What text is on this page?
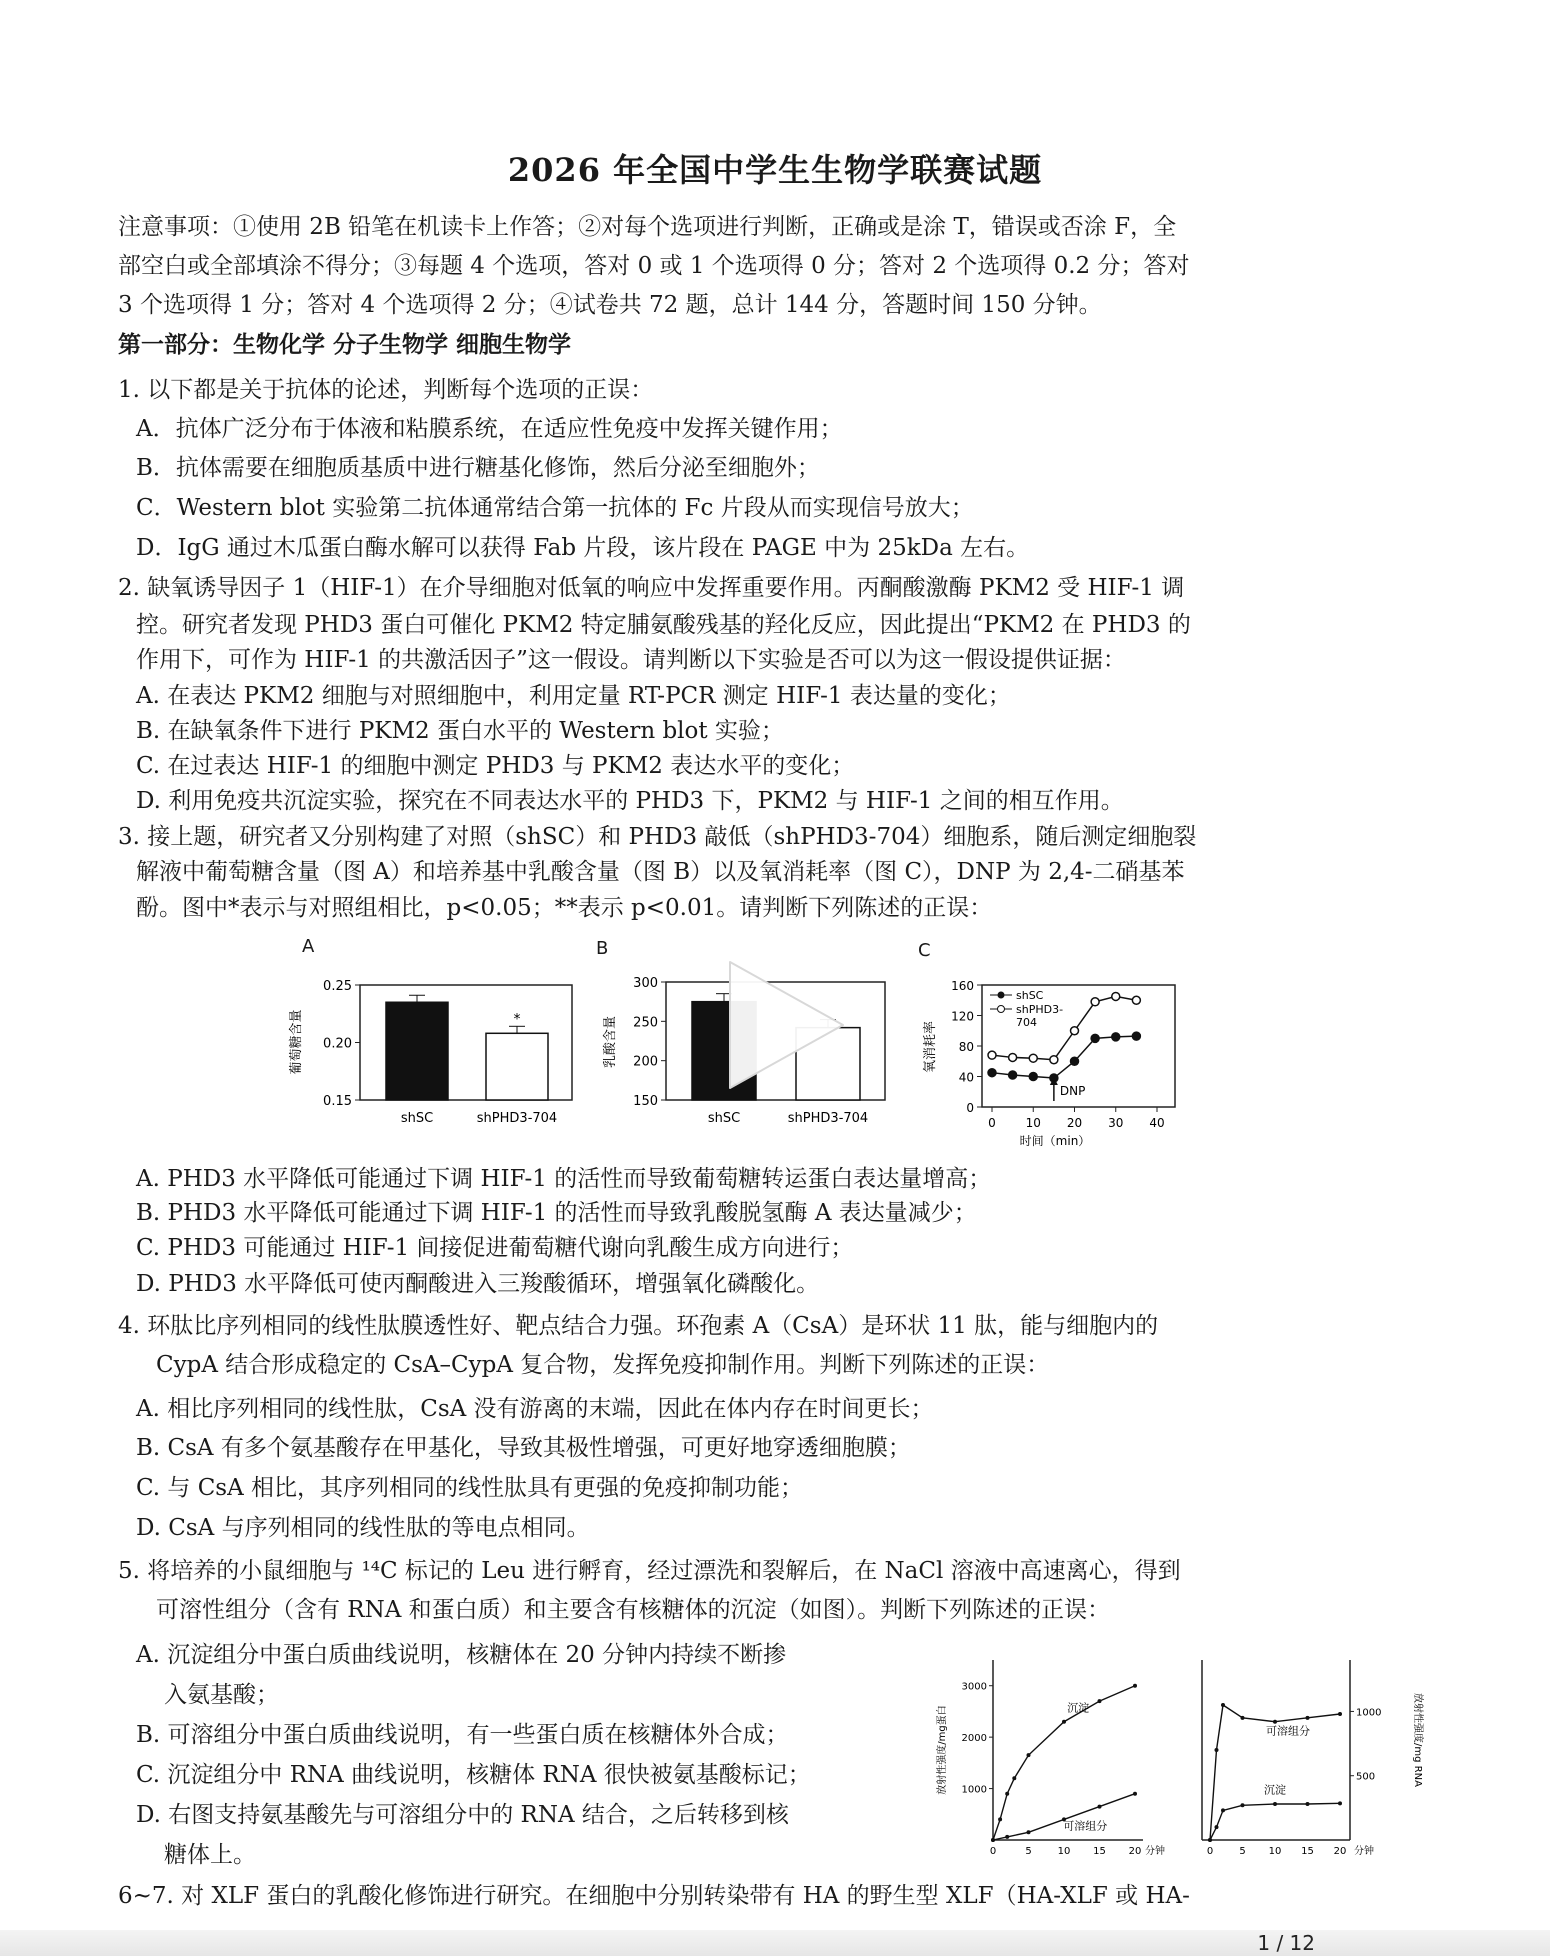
2026 年全国中学生生物学联赛试题
注意事项：①使用 2B 铅笔在机读卡上作答；②对每个选项进行判断，正确或是涂 T，错误或否涂 F，全
部空白或全部填涂不得分；③每题 4 个选项，答对 0 或 1 个选项得 0 分；答对 2 个选项得 0.2 分；答对
3 个选项得 1 分；答对 4 个选项得 2 分；④试卷共 72 题，总计 144 分，答题时间 150 分钟。
第一部分：生物化学 分子生物学 细胞生物学
1. 以下都是关于抗体的论述，判断每个选项的正误：
A．抗体广泛分布于体液和粘膜系统，在适应性免疫中发挥关键作用；
B．抗体需要在细胞质基质中进行糖基化修饰，然后分泌至细胞外；
C．Western blot 实验第二抗体通常结合第一抗体的 Fc 片段从而实现信号放大；
D．IgG 通过木瓜蛋白酶水解可以获得 Fab 片段，该片段在 PAGE 中为 25kDa 左右。
2. 缺氧诱导因子 1（HIF-1）在介导细胞对低氧的响应中发挥重要作用。丙酮酸激酶 PKM2 受 HIF-1 调
控。研究者发现 PHD3 蛋白可催化 PKM2 特定脯氨酸残基的羟化反应，因此提出“PKM2 在 PHD3 的
作用下，可作为 HIF-1 的共激活因子”这一假设。请判断以下实验是否可以为这一假设提供证据：
A. 在表达 PKM2 细胞与对照细胞中，利用定量 RT-PCR 测定 HIF-1 表达量的变化；
B. 在缺氧条件下进行 PKM2 蛋白水平的 Western blot 实验；
C. 在过表达 HIF-1 的细胞中测定 PHD3 与 PKM2 表达水平的变化；
D. 利用免疫共沉淀实验，探究在不同表达水平的 PHD3 下，PKM2 与 HIF-1 之间的相互作用。
3. 接上题，研究者又分别构建了对照（shSC）和 PHD3 敲低（shPHD3-704）细胞系，随后测定细胞裂
解液中葡萄糖含量（图 A）和培养基中乳酸含量（图 B）以及氧消耗率（图 C），DNP 为 2,4-二硝基苯
酚。图中*表示与对照组相比，p<0.05；**表示 p<0.01。请判断下列陈述的正误：
A
0.25
0.20
0.15
葡萄糖含量
shSC	shPHD3-704
*
B
300
250
200
150
乳酸含量
shSC	shPHD3-704
C
160
120
80
40
0
0 10 20 30 40
时间（min）
氧消耗率
shSC
shPHD3-
704
DNP
A. PHD3 水平降低可能通过下调 HIF-1 的活性而导致葡萄糖转运蛋白表达量增高；
B. PHD3 水平降低可能通过下调 HIF-1 的活性而导致乳酸脱氢酶 A 表达量减少；
C. PHD3 可能通过 HIF-1 间接促进葡萄糖代谢向乳酸生成方向进行；
D. PHD3 水平降低可使丙酮酸进入三羧酸循环，增强氧化磷酸化。
4. 环肽比序列相同的线性肽膜透性好、靶点结合力强。环孢素 A（CsA）是环状 11 肽，能与细胞内的
CypA 结合形成稳定的 CsA–CypA 复合物，发挥免疫抑制作用。判断下列陈述的正误：
A. 相比序列相同的线性肽，CsA 没有游离的末端，因此在体内存在时间更长；
B. CsA 有多个氨基酸存在甲基化，导致其极性增强，可更好地穿透细胞膜；
C. 与 CsA 相比，其序列相同的线性肽具有更强的免疫抑制功能；
D. CsA 与序列相同的线性肽的等电点相同。
5. 将培养的小鼠细胞与 ¹⁴C 标记的 Leu 进行孵育，经过漂洗和裂解后，在 NaCl 溶液中高速离心，得到
可溶性组分（含有 RNA 和蛋白质）和主要含有核糖体的沉淀（如图）。判断下列陈述的正误：
A. 沉淀组分中蛋白质曲线说明，核糖体在 20 分钟内持续不断掺
入氨基酸；
B. 可溶组分中蛋白质曲线说明，有一些蛋白质在核糖体外合成；
C. 沉淀组分中 RNA 曲线说明，核糖体 RNA 很快被氨基酸标记；
D. 右图支持氨基酸先与可溶组分中的 RNA 结合，之后转移到核
糖体上。
3000
2000
1000
0	5	10 15 20 分钟
放射性强度/mg蛋白	沉淀
可溶组分
1000
500
0	5 10 15 20 分钟
放射性强度/mg RNA
可溶组分
沉淀
6~7. 对 XLF 蛋白的乳酸化修饰进行研究。在细胞中分别转染带有 HA 的野生型 XLF（HA-XLF 或 HA-
1 / 12
